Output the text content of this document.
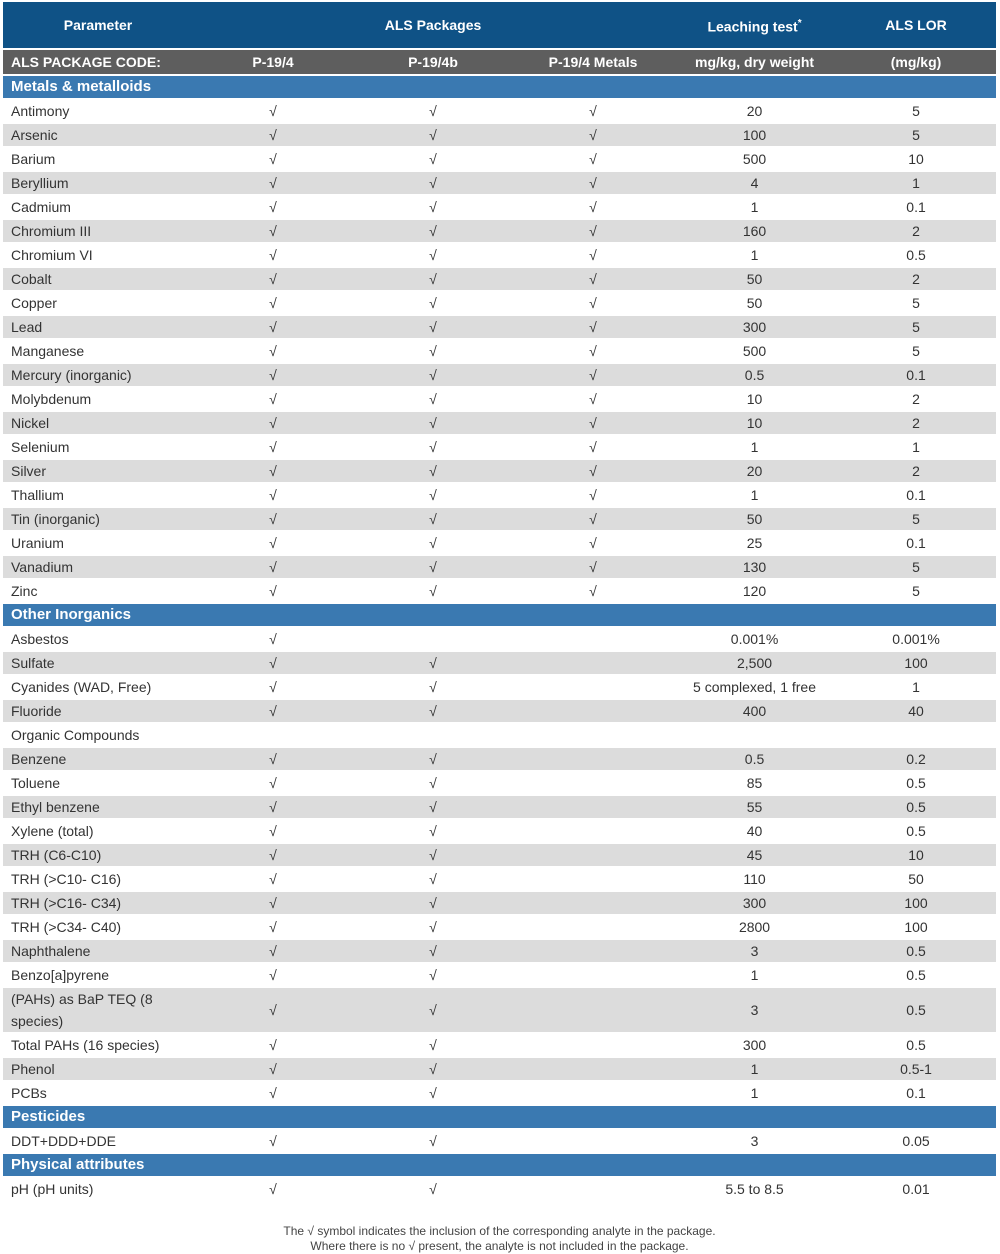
Parameter	ALS Packages			Leaching test*	ALS LOR
ALS PACKAGE CODE:	P-19/4	P-19/4b	P-19/4 Metals	mg/kg, dry weight	(mg/kg)
Metals & metalloids					
Antimony	√	√	√	20	5
Arsenic	√	√	√	100	5
Barium	√	√	√	500	10
Beryllium	√	√	√	4	1
Cadmium	√	√	√	1	0.1
Chromium III	√	√	√	160	2
Chromium VI	√	√	√	1	0.5
Cobalt	√	√	√	50	2
Copper	√	√	√	50	5
Lead	√	√	√	300	5
Manganese	√	√	√	500	5
Mercury (inorganic)	√	√	√	0.5	0.1
Molybdenum	√	√	√	10	2
Nickel	√	√	√	10	2
Selenium	√	√	√	1	1
Silver	√	√	√	20	2
Thallium	√	√	√	1	0.1
Tin (inorganic)	√	√	√	50	5
Uranium	√	√	√	25	0.1
Vanadium	√	√	√	130	5
Zinc	√	√	√	120	5
Other Inorganics					
Asbestos	√			0.001%	0.001%
Sulfate	√	√		2,500	100
Cyanides (WAD, Free)	√	√		5 complexed, 1 free	1
Fluoride	√	√		400	40
Organic Compounds					
Benzene	√	√		0.5	0.2
Toluene	√	√		85	0.5
Ethyl benzene	√	√		55	0.5
Xylene (total)	√	√		40	0.5
TRH (C6-C10)	√	√		45	10
TRH (>C10- C16)	√	√		110	50
TRH (>C16- C34)	√	√		300	100
TRH (>C34- C40)	√	√		2800	100
Naphthalene	√	√		3	0.5
Benzo[a]pyrene	√	√		1	0.5
(PAHs) as BaP TEQ (8 species)	√	√		3	0.5
Total PAHs (16 species)	√	√		300	0.5
Phenol	√	√		1	0.5-1
PCBs	√	√		1	0.1
Pesticides					
DDT+DDD+DDE	√	√		3	0.05
Physical attributes					
pH (pH units)	√	√		5.5 to 8.5	0.01
The √ symbol indicates the inclusion of the corresponding analyte in the package.
Where there is no √ present, the analyte is not included in the package.
